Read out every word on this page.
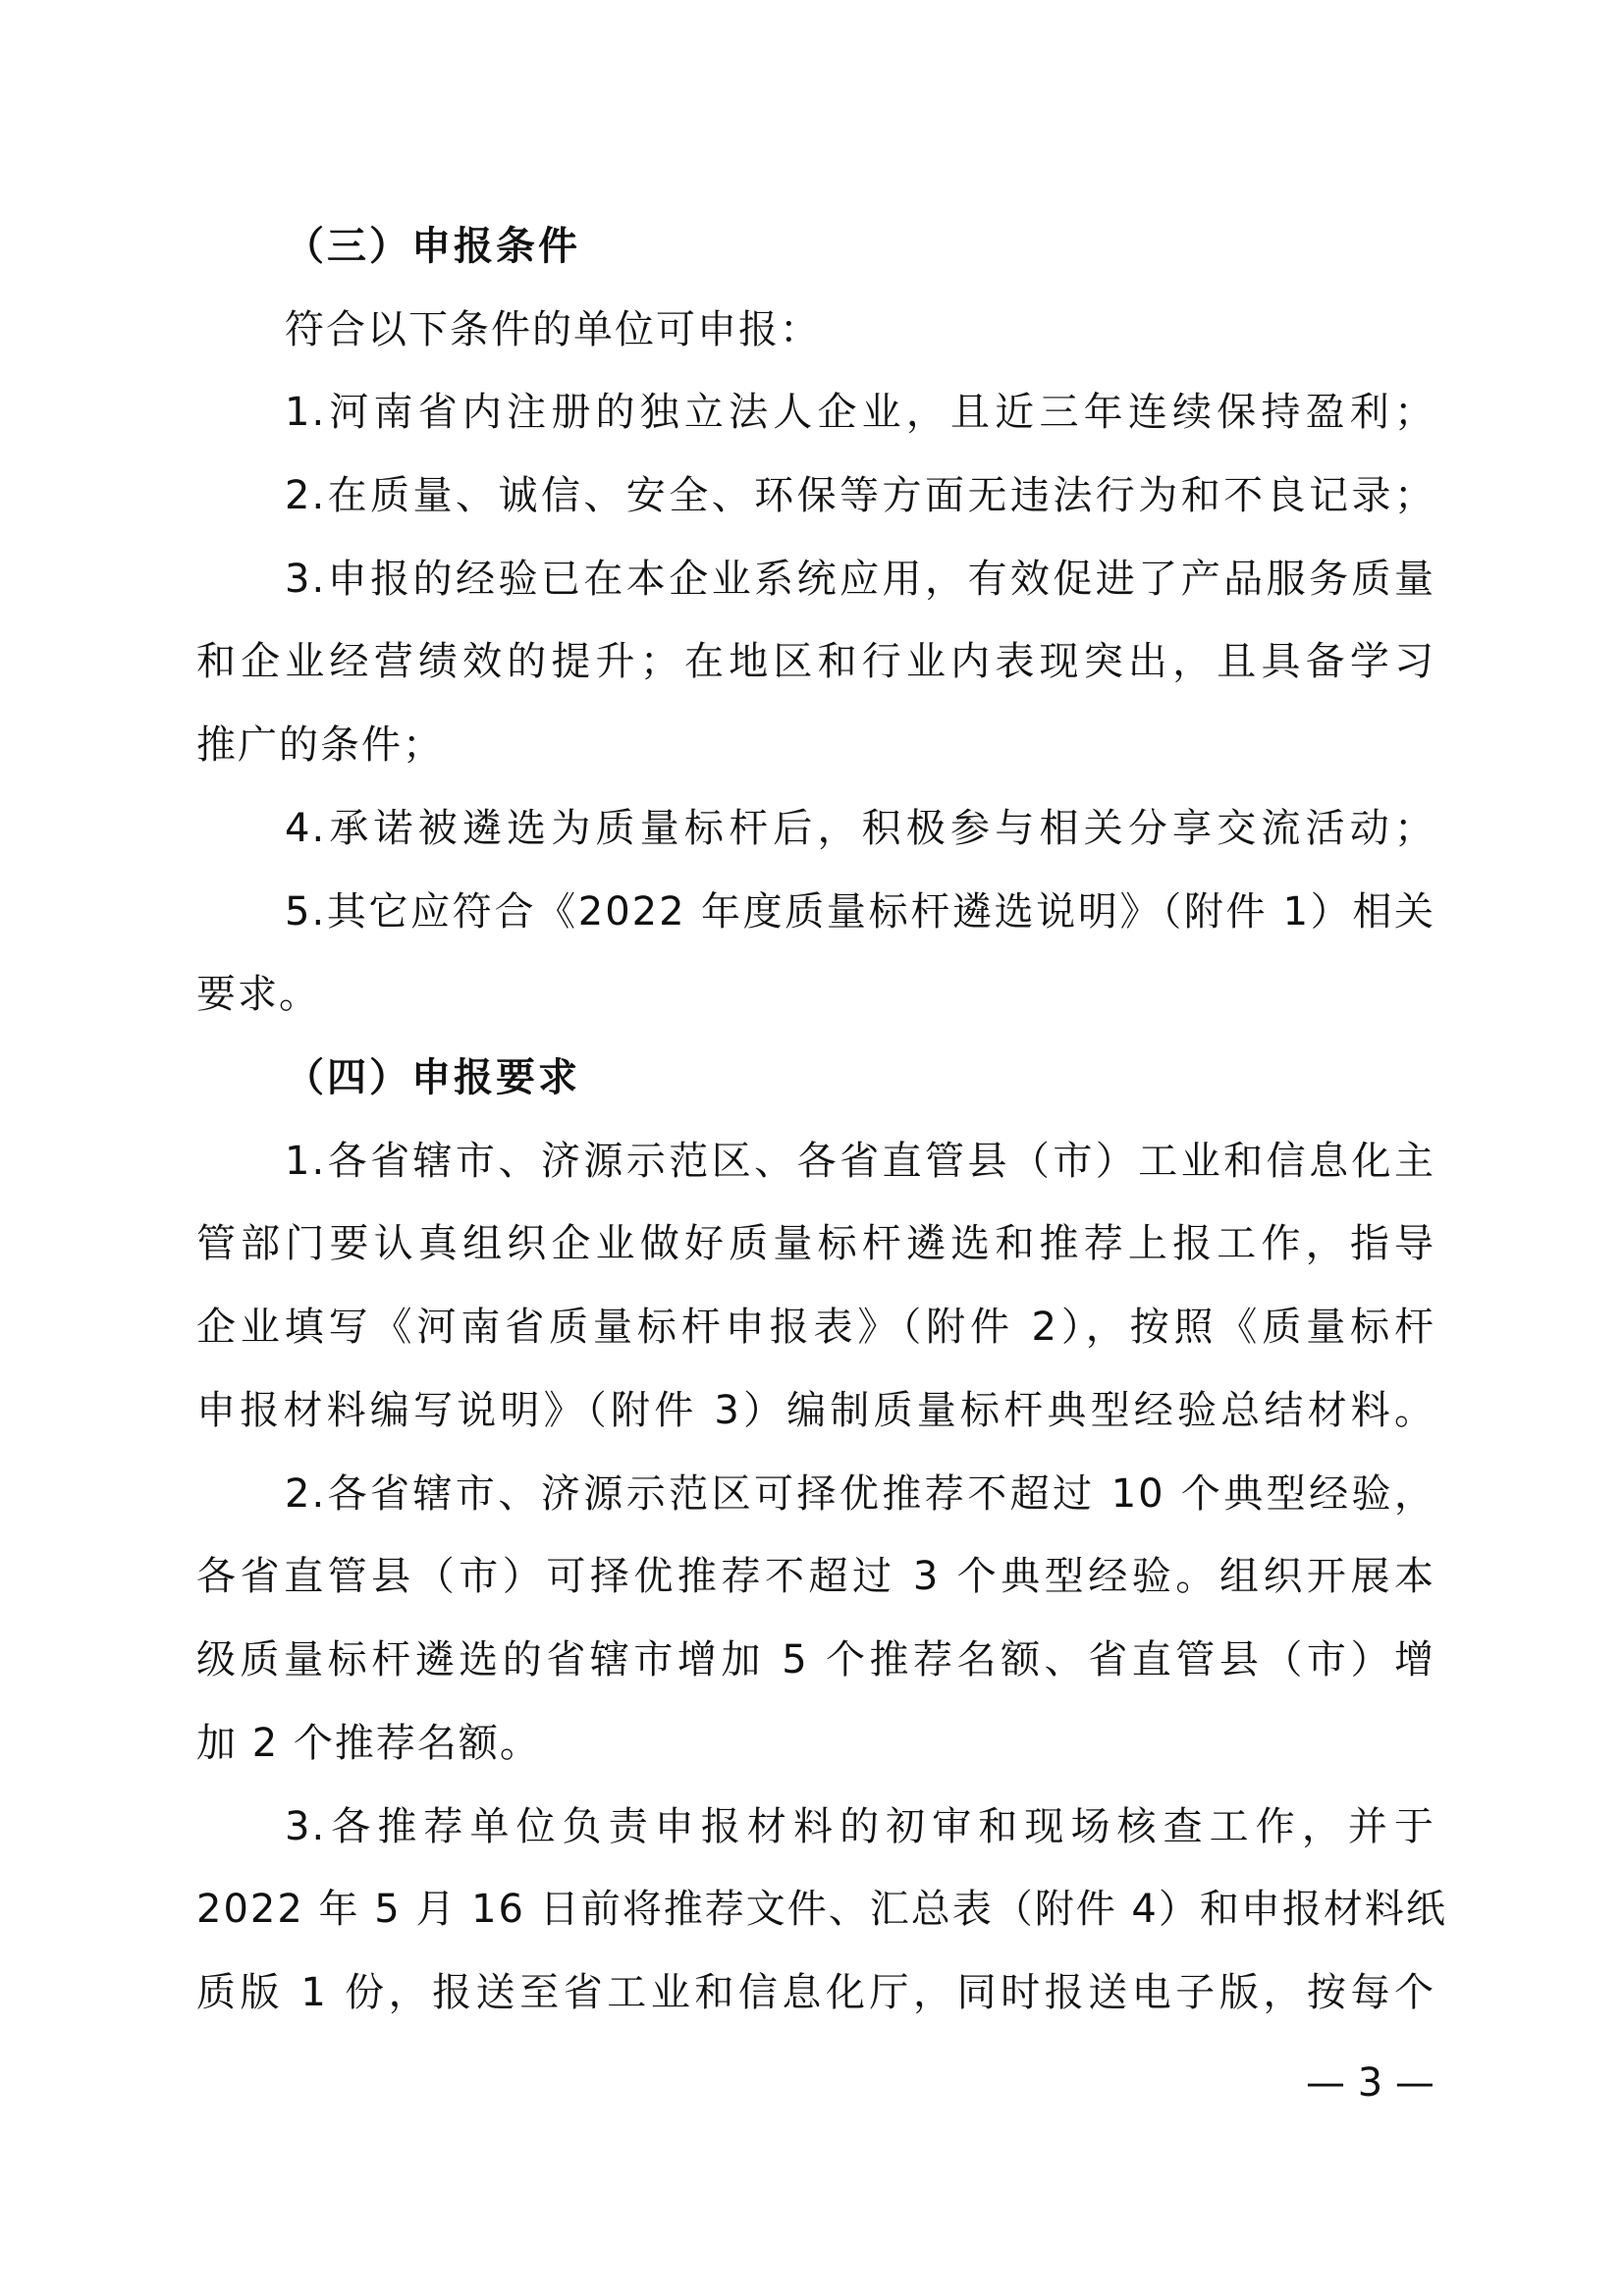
（三）申报条件
符合以下条件的单位可申报：
1.河南省内注册的独立法人企业，且近三年连续保持盈利；
2.在质量、诚信、安全、环保等方面无违法行为和不良记录；
3.申报的经验已在本企业系统应用，有效促进了产品服务质量
和企业经营绩效的提升；在地区和行业内表现突出，且具备学习
推广的条件；
4.承诺被遴选为质量标杆后，积极参与相关分享交流活动；
5.其它应符合《2022 年度质量标杆遴选说明》（附件 1）相关
要求。
（四）申报要求
1.各省辖市、济源示范区、各省直管县（市）工业和信息化主
管部门要认真组织企业做好质量标杆遴选和推荐上报工作，指导
企业填写《河南省质量标杆申报表》（附件 2），按照《质量标杆
申报材料编写说明》（附件 3）编制质量标杆典型经验总结材料。
2.各省辖市、济源示范区可择优推荐不超过 10 个典型经验，
各省直管县（市）可择优推荐不超过 3 个典型经验。组织开展本
级质量标杆遴选的省辖市增加 5 个推荐名额、省直管县（市）增
加 2 个推荐名额。
3.各推荐单位负责申报材料的初审和现场核查工作，并于
2022 年 5 月 16 日前将推荐文件、汇总表（附件 4）和申报材料纸
质版 1 份，报送至省工业和信息化厅，同时报送电子版，按每个
— 3 —
